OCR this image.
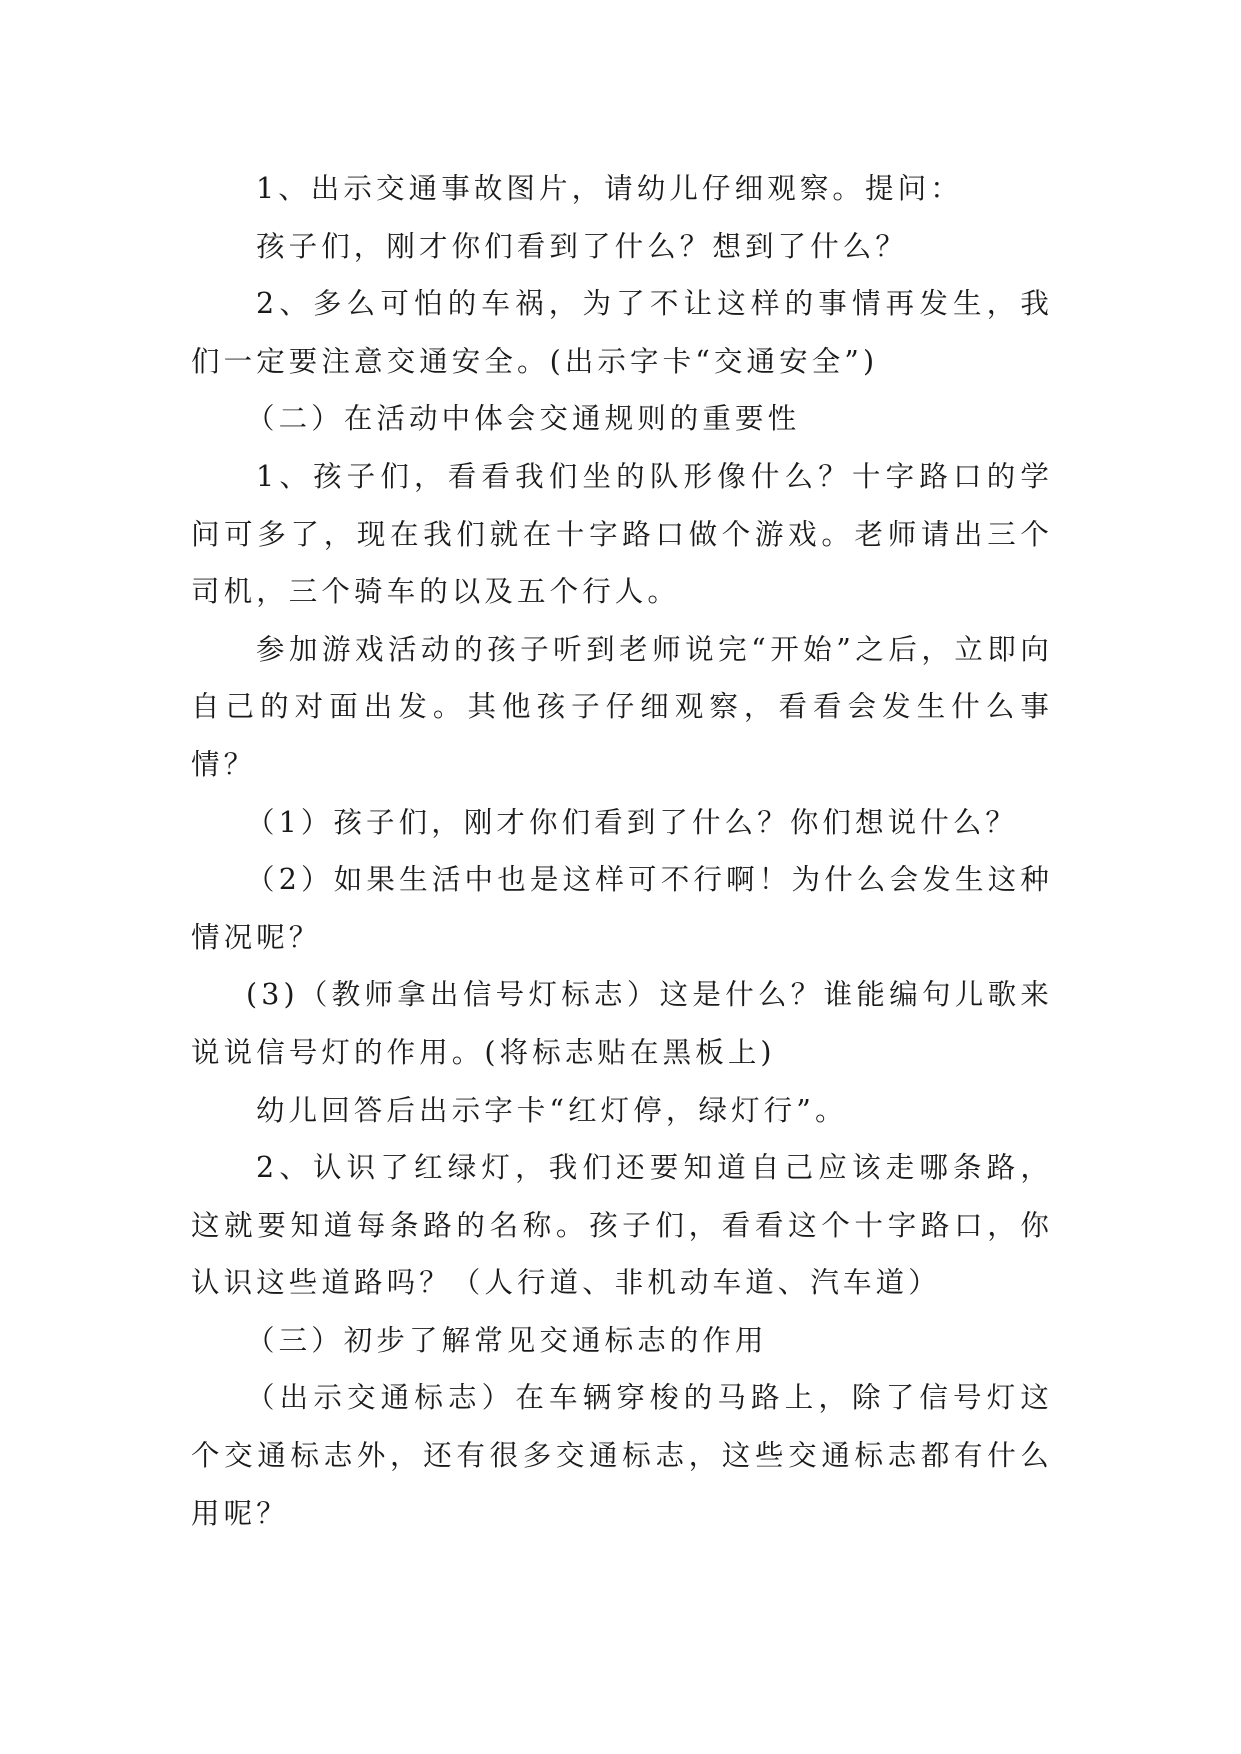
1、出示交通事故图片，请幼儿仔细观察。提问：

孩子们，刚才你们看到了什么？想到了什么？

2、多么可怕的车祸，为了不让这样的事情再发生，我们一定要注意交通安全。(出示字卡“交通安全”)

（二）在活动中体会交通规则的重要性

1、孩子们，看看我们坐的队形像什么？十字路口的学问可多了，现在我们就在十字路口做个游戏。老师请出三个司机，三个骑车的以及五个行人。

参加游戏活动的孩子听到老师说完“开始”之后，立即向自己的对面出发。其他孩子仔细观察，看看会发生什么事情？

（1）孩子们，刚才你们看到了什么？你们想说什么？

（2）如果生活中也是这样可不行啊！为什么会发生这种情况呢？

(3)（教师拿出信号灯标志）这是什么？谁能编句儿歌来说说信号灯的作用。(将标志贴在黑板上)

幼儿回答后出示字卡“红灯停，绿灯行”。

2、认识了红绿灯，我们还要知道自己应该走哪条路，这就要知道每条路的名称。孩子们，看看这个十字路口，你认识这些道路吗？（人行道、非机动车道、汽车道）

（三）初步了解常见交通标志的作用

（出示交通标志）在车辆穿梭的马路上，除了信号灯这个交通标志外，还有很多交通标志，这些交通标志都有什么用呢？
